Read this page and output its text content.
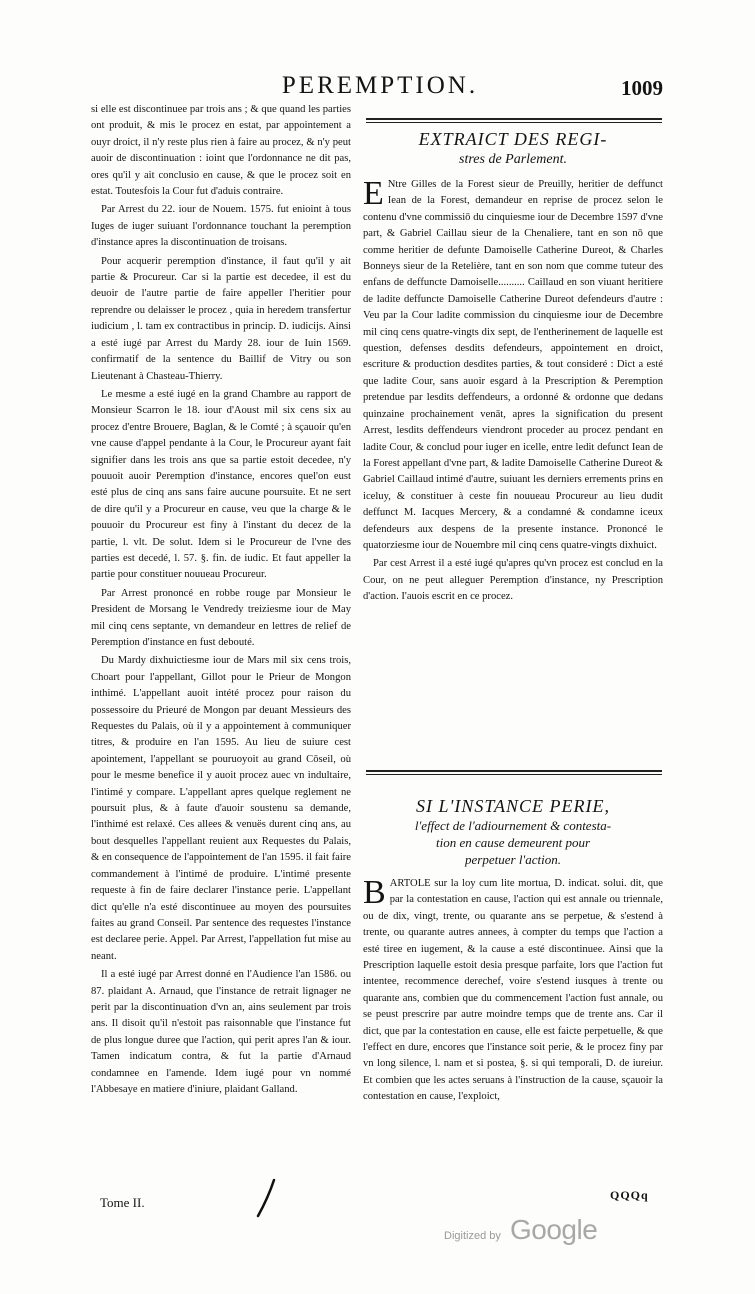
PEREMPTION.	1009

si elle est discontinuee par trois ans ; & que quand les parties ont produit, & mis le procez en estat, par appointement a ouyr droict, il n'y reste plus rien à faire au procez, & n'y peut auoir de discontinuation : ioint que l'ordonnance ne dit pas, ores qu'il y ait conclusio en cause, & que le procez soit en estat. Toutesfois la Cour fut d'aduis contraire.

Par Arrest du 22. iour de Nouem. 1575. fut enioint à tous Iuges de iuger suiuant l'ordonnance touchant la peremption d'instance apres la discontinuation de troisans.

Pour acquerir peremption d'instance, il faut qu'il y ait partie & Procureur. Car si la partie est decedee, il est du deuoir de l'autre partie de faire appeller l'heritier pour reprendre ou delaisser le procez , quia in heredem transfertur iudicium , l. tam ex contractibus in princip. D. iudicijs. Ainsi a esté iugé par Arrest du Mardy 28. iour de Iuin 1569. confirmatif de la sentence du Baillif de Vitry ou son Lieutenant à Chasteau-Thierry.

Le mesme a esté iugé en la grand Chambre au rapport de Monsieur Scarron le 18. iour d'Aoust mil six cens six au procez d'entre Brouere, Baglan, & le Comté ; à sçauoir qu'en vne cause d'appel pendante à la Cour, le Procureur ayant fait signifier dans les trois ans que sa partie estoit decedee, n'y pouuoit auoir Peremption d'instance, encores quel'on eust esté plus de cinq ans sans faire aucune poursuite. Et ne sert de dire qu'il y a Procureur en cause, veu que la charge & le pouuoir du Procureur est finy à l'instant du decez de la partie, l. vlt. De solut. Idem si le Procureur de l'vne des parties est decedé, l. 57. §. fin. de iudic. Et faut appeller la partie pour constituer nouueau Procureur.

Par Arrest prononcé en robbe rouge par Monsieur le President de Morsang le Vendredy treiziesme iour de May mil cinq cens septante, vn demandeur en lettres de relief de Peremption d'instance en fust debouté.

Du Mardy dixhuictiesme iour de Mars mil six cens trois, Choart pour l'appellant, Gillot pour le Prieur de Mongon inthimé. L'appellant auoit intété procez pour raison du possessoire du Prieuré de Mongon par deuant Messieurs des Requestes du Palais, où il y a appointement à communiquer titres, & produire en l'an 1595. Au lieu de suiure cest apointement, l'appellant se pouruoyoit au grand Cōseil, où pour le mesme benefice il y auoit procez auec vn indultaire, l'intimé y compare. L'appellant apres quelque reglement ne poursuit plus, & à faute d'auoir soustenu sa demande, l'inthimé est relaxé. Ces allees & venuës durent cinq ans, au bout desquelles l'appellant reuient aux Requestes du Palais, & en consequence de l'appointement de l'an 1595. il fait faire commandement à l'intimé de produire. L'intimé presente requeste à fin de faire declarer l'instance perie. L'appellant dict qu'elle n'a esté discontinuee au moyen des poursuites faites au grand Conseil. Par sentence des requestes l'instance est declaree perie. Appel. Par Arrest, l'appellation fut mise au neant.

Il a esté iugé par Arrest donné en l'Audience l'an 1586. ou 87. plaidant A. Arnaud, que l'instance de retrait lignager ne perit par la discontinuation d'vn an, ains seulement par trois ans. Il disoit qu'il n'estoit pas raisonnable que l'instance fut de plus longue duree que l'action, qui perit apres l'an & iour. Tamen indicatum contra, & fut la partie d'Arnaud condamnee en l'amende. Idem iugé pour vn nommé l'Abbesaye en matiere d'iniure, plaidant Galland.

EXTRAICT DES REGI-
stres de Parlement.

E Ntre Gilles de la Forest sieur de Preuilly, heritier de deffunct Iean de la Forest, demandeur en reprise de procez selon le contenu d'vne commissiō du cinquiesme iour de Decembre 1597 d'vne part, & Gabriel Caillau sieur de la Chenaliere, tant en son nō que comme heritier de defunte Damoiselle Catherine Dureot, & Charles Bonneys sieur de la Retelière, tant en son nom que comme tuteur des enfans de deffuncte Damoiselle.......... Caillaud en son viuant heritiere de ladite deffuncte Damoiselle Catherine Dureot defendeurs d'autre : Veu par la Cour ladite commission du cinquiesme iour de Decembre mil cinq cens quatre-vingts dix sept, de l'entherinement de laquelle est question, defenses desdits defendeurs, appointement en droict, escriture & production desdites parties, & tout consideré : Dict a esté que ladite Cour, sans auoir esgard à la Prescription & Peremption pretendue par lesdits deffendeurs, a ordonné & ordonne que dedans quinzaine prochainement venāt, apres la signification du present Arrest, lesdits deffendeurs viendront proceder au procez pendant en ladite Cour, & conclud pour iuger en icelle, entre ledit defunct Iean de la Forest appellant d'vne part, & ladite Damoiselle Catherine Dureot & Gabriel Caillaud intimé d'autre, suiuant les derniers errements prins en iceluy, & constituer à ceste fin nouueau Procureur au lieu dudit deffunct M. Iacques Mercery, & a condamné & condamne iceux defendeurs aux despens de la presente instance. Prononcé le quatorziesme iour de Nouembre mil cinq cens quatre-vingts dixhuict.

Par cest Arrest il a esté iugé qu'apres qu'vn procez est conclud en la Cour, on ne peut alleguer Peremption d'instance, ny Prescription d'action. I'auois escrit en ce procez.

SI L'INSTANCE PERIE,
l'effect de l'adiournement & contesta-
tion en cause demeurent pour
perpetuer l'action.

BARTOLE sur la loy cum lite mortua, D. indicat. solui. dit, que par la contestation en cause, l'action qui est annale ou triennale, ou de dix, vingt, trente, ou quarante ans se perpetue, & s'estend à trente, ou quarante autres annees, à compter du temps que l'action a esté tiree en iugement, & la cause a esté discontinuee. Ainsi que la Prescription laquelle estoit desia presque parfaite, lors que l'action fut intentee, recommence derechef, voire s'estend iusques à trente ou quarante ans, combien que du commencement l'action fust annale, ou se peust prescrire par autre moindre temps que de trente ans. Car il dict, que par la contestation en cause, elle est faicte perpetuelle, & que l'effect en dure, encores que l'instance soit perie, & le procez finy par vn long silence, l. nam et si postea, §. si qui temporali, D. de iureiur. Et combien que les actes seruans à l'instruction de la cause, sçauoir la contestation en cause, l'exploict,

Tome II.	QQQq
Digitized by Google
